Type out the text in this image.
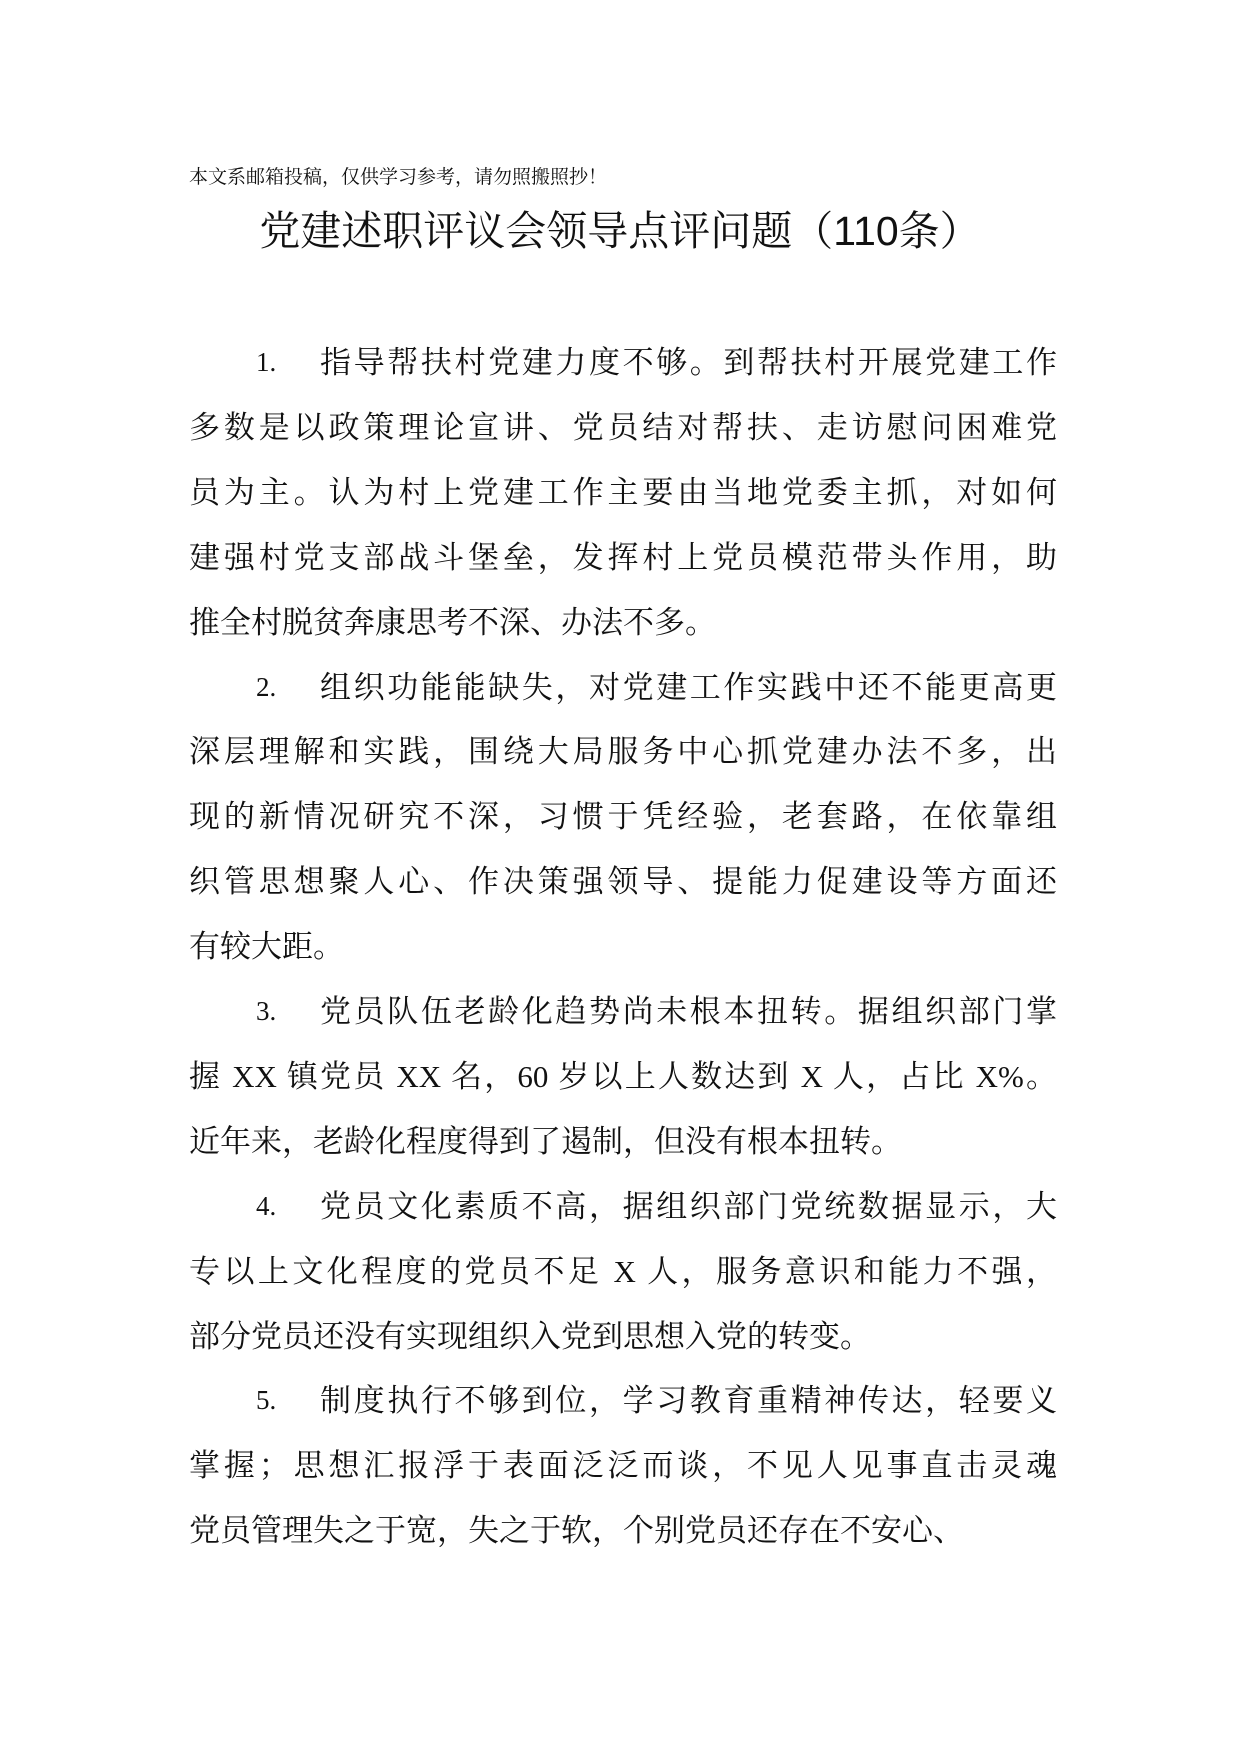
本文系邮箱投稿，仅供学习参考，请勿照搬照抄！
党建述职评议会领导点评问题（110条）
1.	指导帮扶村党建力度不够。到帮扶村开展党建工作
多数是以政策理论宣讲、党员结对帮扶、走访慰问困难党
员为主。认为村上党建工作主要由当地党委主抓，对如何
建强村党支部战斗堡垒，发挥村上党员模范带头作用，助
推全村脱贫奔康思考不深、办法不多。
2.	组织功能能缺失，对党建工作实践中还不能更高更
深层理解和实践，围绕大局服务中心抓党建办法不多，出
现的新情况研究不深，习惯于凭经验，老套路，在依靠组
织管思想聚人心、作决策强领导、提能力促建设等方面还
有较大距。
3.	党员队伍老龄化趋势尚未根本扭转。据组织部门掌
握 XX 镇党员 XX 名，60 岁以上人数达到 X 人，占比 X%。
近年来，老龄化程度得到了遏制，但没有根本扭转。
4.	党员文化素质不高，据组织部门党统数据显示，大
专以上文化程度的党员不足 X 人，服务意识和能力不强，
部分党员还没有实现组织入党到思想入党的转变。
5.	制度执行不够到位，学习教育重精神传达，轻要义
掌握；思想汇报浮于表面泛泛而谈，不见人见事直击灵魂
党员管理失之于宽，失之于软，个别党员还存在不安心、
